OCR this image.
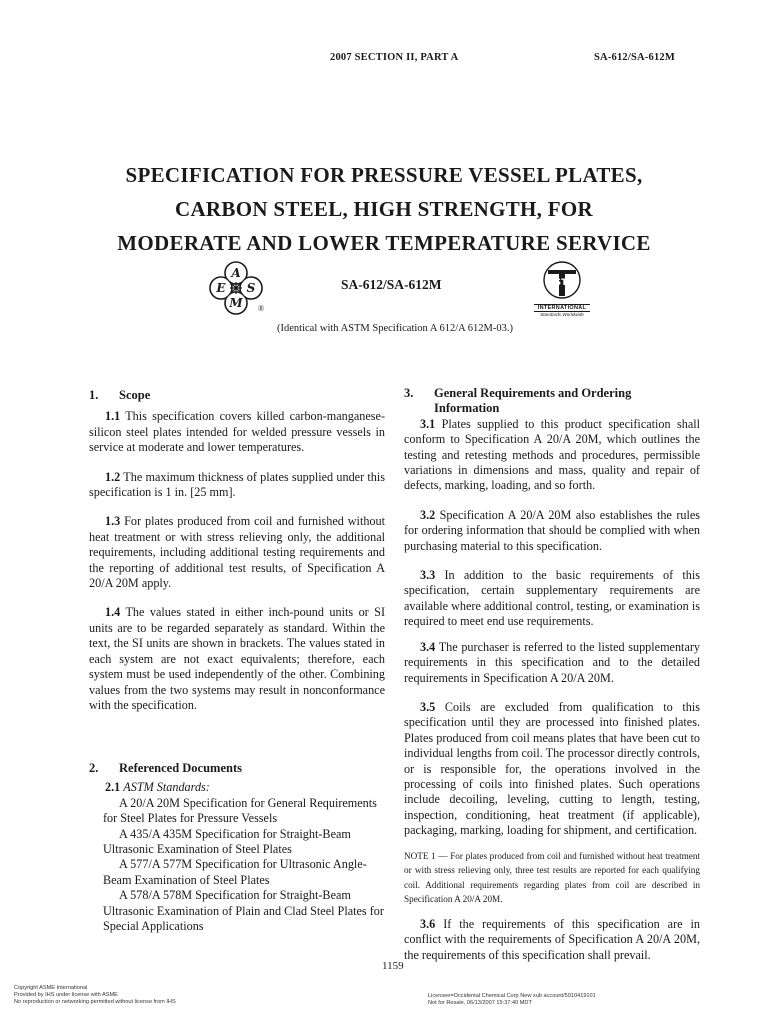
2007 SECTION II, PART A	SA-612/SA-612M
SPECIFICATION FOR PRESSURE VESSEL PLATES,
CARBON STEEL, HIGH STRENGTH, FOR
MODERATE AND LOWER TEMPERATURE SERVICE
A
E S
M ®
SA-612/SA-612M	ASTM
INTERNATIONAL
Standards Worldwide
(Identical with ASTM Specification A 612/A 612M-03.)
1. Scope

1.1 This specification covers killed carbon-manganese-silicon steel plates intended for welded pressure vessels in service at moderate and lower temperatures.

1.2 The maximum thickness of plates supplied under this specification is 1 in. [25 mm].

1.3 For plates produced from coil and furnished without heat treatment or with stress relieving only, the additional requirements, including additional testing requirements and the reporting of additional test results, of Specification A 20/A 20M apply.

1.4 The values stated in either inch-pound units or SI units are to be regarded separately as standard. Within the text, the SI units are shown in brackets. The values stated in each system are not exact equivalents; therefore, each system must be used independently of the other. Combining values from the two systems may result in nonconformance with the specification.

2. Referenced Documents

2.1 ASTM Standards:

A 20/A 20M Specification for General Requirements for Steel Plates for Pressure Vessels

A 435/A 435M Specification for Straight-Beam Ultrasonic Examination of Steel Plates

A 577/A 577M Specification for Ultrasonic Angle-Beam Examination of Steel Plates

A 578/A 578M Specification for Straight-Beam Ultrasonic Examination of Plain and Clad Steel Plates for Special Applications

3. General Requirements and Ordering
Information

3.1 Plates supplied to this product specification shall conform to Specification A 20/A 20M, which outlines the testing and retesting methods and procedures, permissible variations in dimensions and mass, quality and repair of defects, marking, loading, and so forth.

3.2 Specification A 20/A 20M also establishes the rules for ordering information that should be complied with when purchasing material to this specification.

3.3 In addition to the basic requirements of this specification, certain supplementary requirements are available where additional control, testing, or examination is required to meet end use requirements.

3.4 The purchaser is referred to the listed supplementary requirements in this specification and to the detailed requirements in Specification A 20/A 20M.

3.5 Coils are excluded from qualification to this specification until they are processed into finished plates. Plates produced from coil means plates that have been cut to individual lengths from coil. The processor directly controls, or is responsible for, the operations involved in the processing of coils into finished plates. Such operations include decoiling, leveling, cutting to length, testing, inspection, conditioning, heat treatment (if applicable), packaging, marking, loading for shipment, and certification.

NOTE 1 — For plates produced from coil and furnished without heat treatment or with stress relieving only, three test results are reported for each qualifying coil. Additional requirements regarding plates from coil are described in Specification A 20/A 20M.

3.6 If the requirements of this specification are in conflict with the requirements of Specification A 20/A 20M, the requirements of this specification shall prevail.

1159
Copyright ASME International
Provided by IHS under license with ASME
No reproduction or networking permitted without license from IHS
Licensee=Occidental Chemical Corp New sub account/5910419101
Not for Resale, 06/13/2007 15:37:40 MDT
